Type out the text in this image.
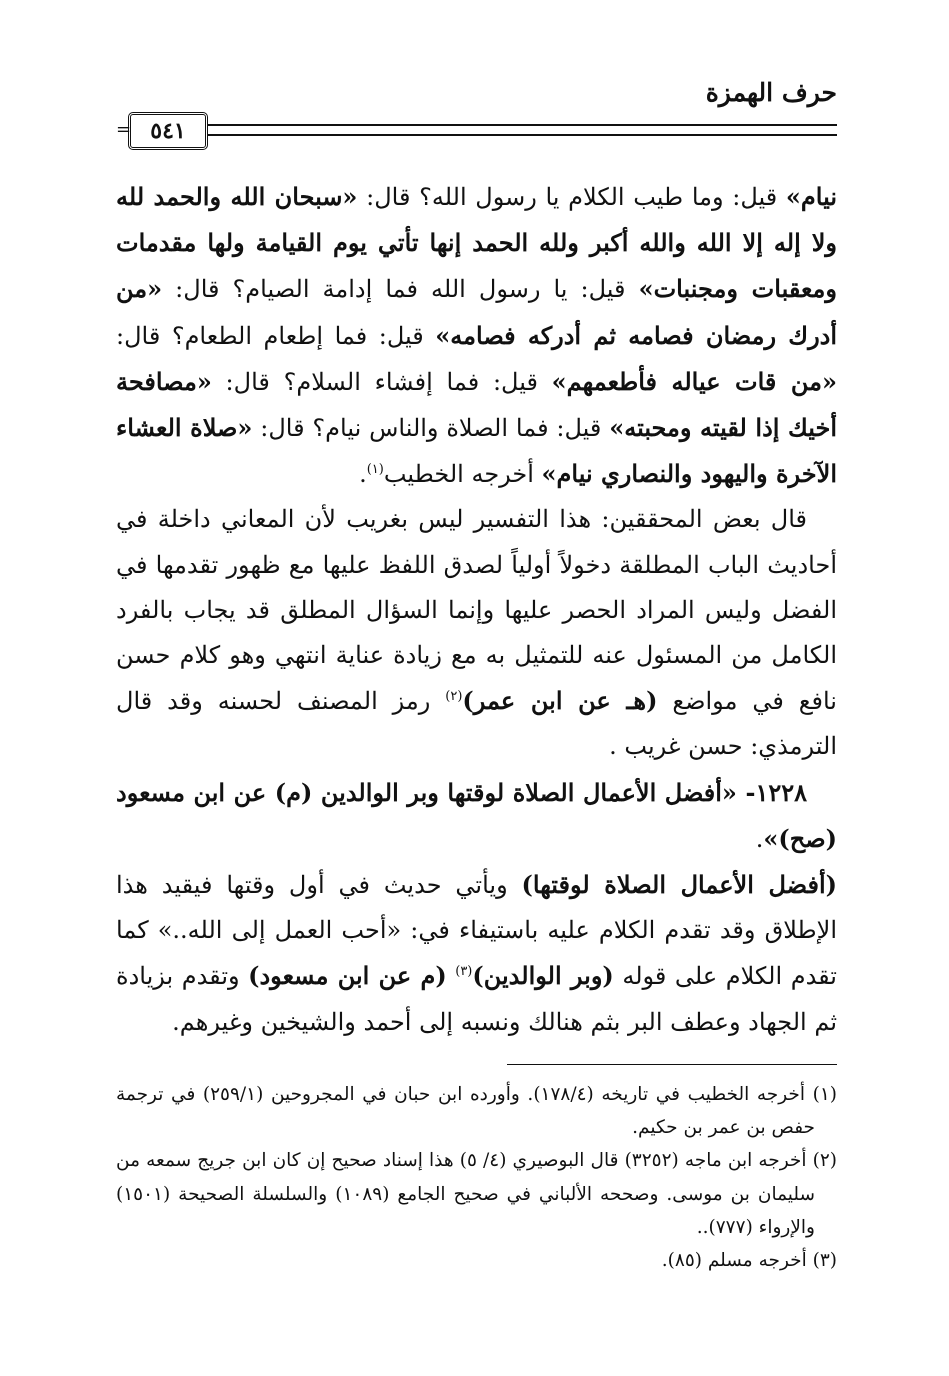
حرف الهمزة
٥٤١
=

نيام» قيل: وما طيب الكلام يا رسول الله؟ قال: «سبحان الله والحمد لله ولا إله إلا الله والله أكبر ولله الحمد إنها تأتي يوم القيامة ولها مقدمات ومعقبات ومجنبات» قيل: يا رسول الله فما إدامة الصيام؟ قال: «من أدرك رمضان فصامه ثم أدركه فصامه» قيل: فما إطعام الطعام؟ قال: «من قات عياله فأطعمهم» قيل: فما إفشاء السلام؟ قال: «مصافحة أخيك إذا لقيته ومحبته» قيل: فما الصلاة والناس نيام؟ قال: «صلاة العشاء الآخرة واليهود والنصاري نيام» أخرجه الخطيب$^{(١)}$.

قال بعض المحققين: هذا التفسير ليس بغريب لأن المعاني داخلة في أحاديث الباب المطلقة دخولاً أولياً لصدق اللفظ عليها مع ظهور تقدمها في الفضل وليس المراد الحصر عليها وإنما السؤال المطلق قد يجاب بالفرد الكامل من المسئول عنه للتمثيل به مع زيادة عناية انتهي وهو كلام حسن نافع في مواضع (هـ عن ابن عمر)$^{(٢)}$ رمز المصنف لحسنه وقد قال الترمذي: حسن غريب .

١٢٢٨- «أفضل الأعمال الصلاة لوقتها وبر الوالدين (م) عن ابن مسعود (صح)».

(أفضل الأعمال الصلاة لوقتها) ويأتي حديث في أول وقتها فيقيد هذا الإطلاق وقد تقدم الكلام عليه باستيفاء في: «أحب العمل إلى الله..» كما تقدم الكلام على قوله (وبر الوالدين)$^{(٣)}$ (م عن ابن مسعود) وتقدم بزيادة ثم الجهاد وعطف البر بثم هنالك ونسبه إلى أحمد والشيخين وغيرهم.

(١) أخرجه الخطيب في تاريخه (١٧٨/٤). وأورده ابن حبان في المجروحين (٢٥٩/١) في ترجمة حفص بن عمر بن حكيم.

(٢) أخرجه ابن ماجه (٣٢٥٢) قال البوصيري (٤/ ٥) هذا إسناد صحيح إن كان ابن جريج سمعه من سليمان بن موسى. وصححه الألباني في صحيح الجامع (١٠٨٩) والسلسلة الصحيحة (١٥٠١) والإرواء (٧٧٧)..

(٣) أخرجه مسلم (٨٥).
